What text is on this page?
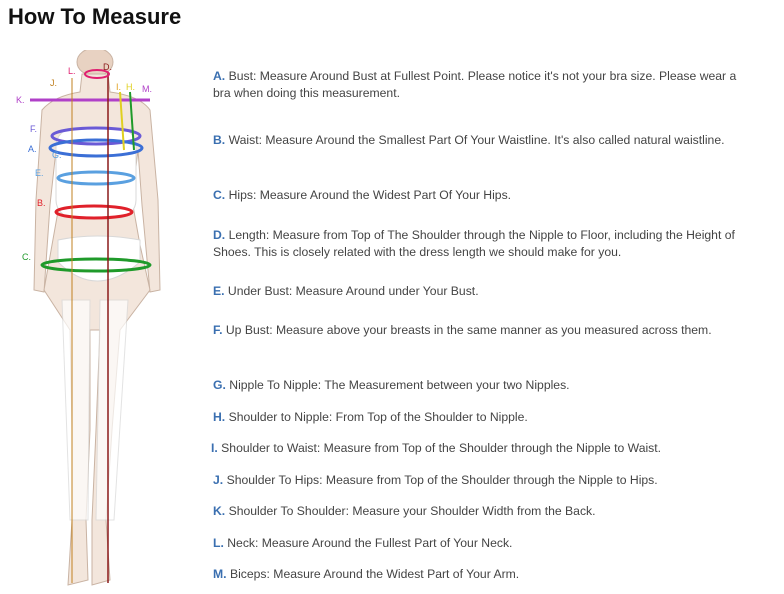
How To Measure
D.
L.
J.
K.
I. H. M.
F.
A.
G.
E.
B.
C.
A. Bust: Measure Around Bust at Fullest Point. Please notice it's not your bra size. Please wear a bra when doing this measurement.
B. Waist: Measure Around the Smallest Part Of Your Waistline. It's also called natural waistline.
C. Hips: Measure Around the Widest Part Of Your Hips.
D. Length: Measure from Top of The Shoulder through the Nipple to Floor, including the Height of Shoes. This is closely related with the dress length we should make for you.
E. Under Bust: Measure Around under Your Bust.
F. Up Bust: Measure above your breasts in the same manner as you measured across them.
G. Nipple To Nipple: The Measurement between your two Nipples.
H. Shoulder to Nipple: From Top of the Shoulder to Nipple.
I. Shoulder to Waist: Measure from Top of the Shoulder through the Nipple to Waist.
J. Shoulder To Hips: Measure from Top of the Shoulder through the Nipple to Hips.
K. Shoulder To Shoulder: Measure your Shoulder Width from the Back.
L. Neck: Measure Around the Fullest Part of Your Neck.
M. Biceps: Measure Around the Widest Part of Your Arm.
